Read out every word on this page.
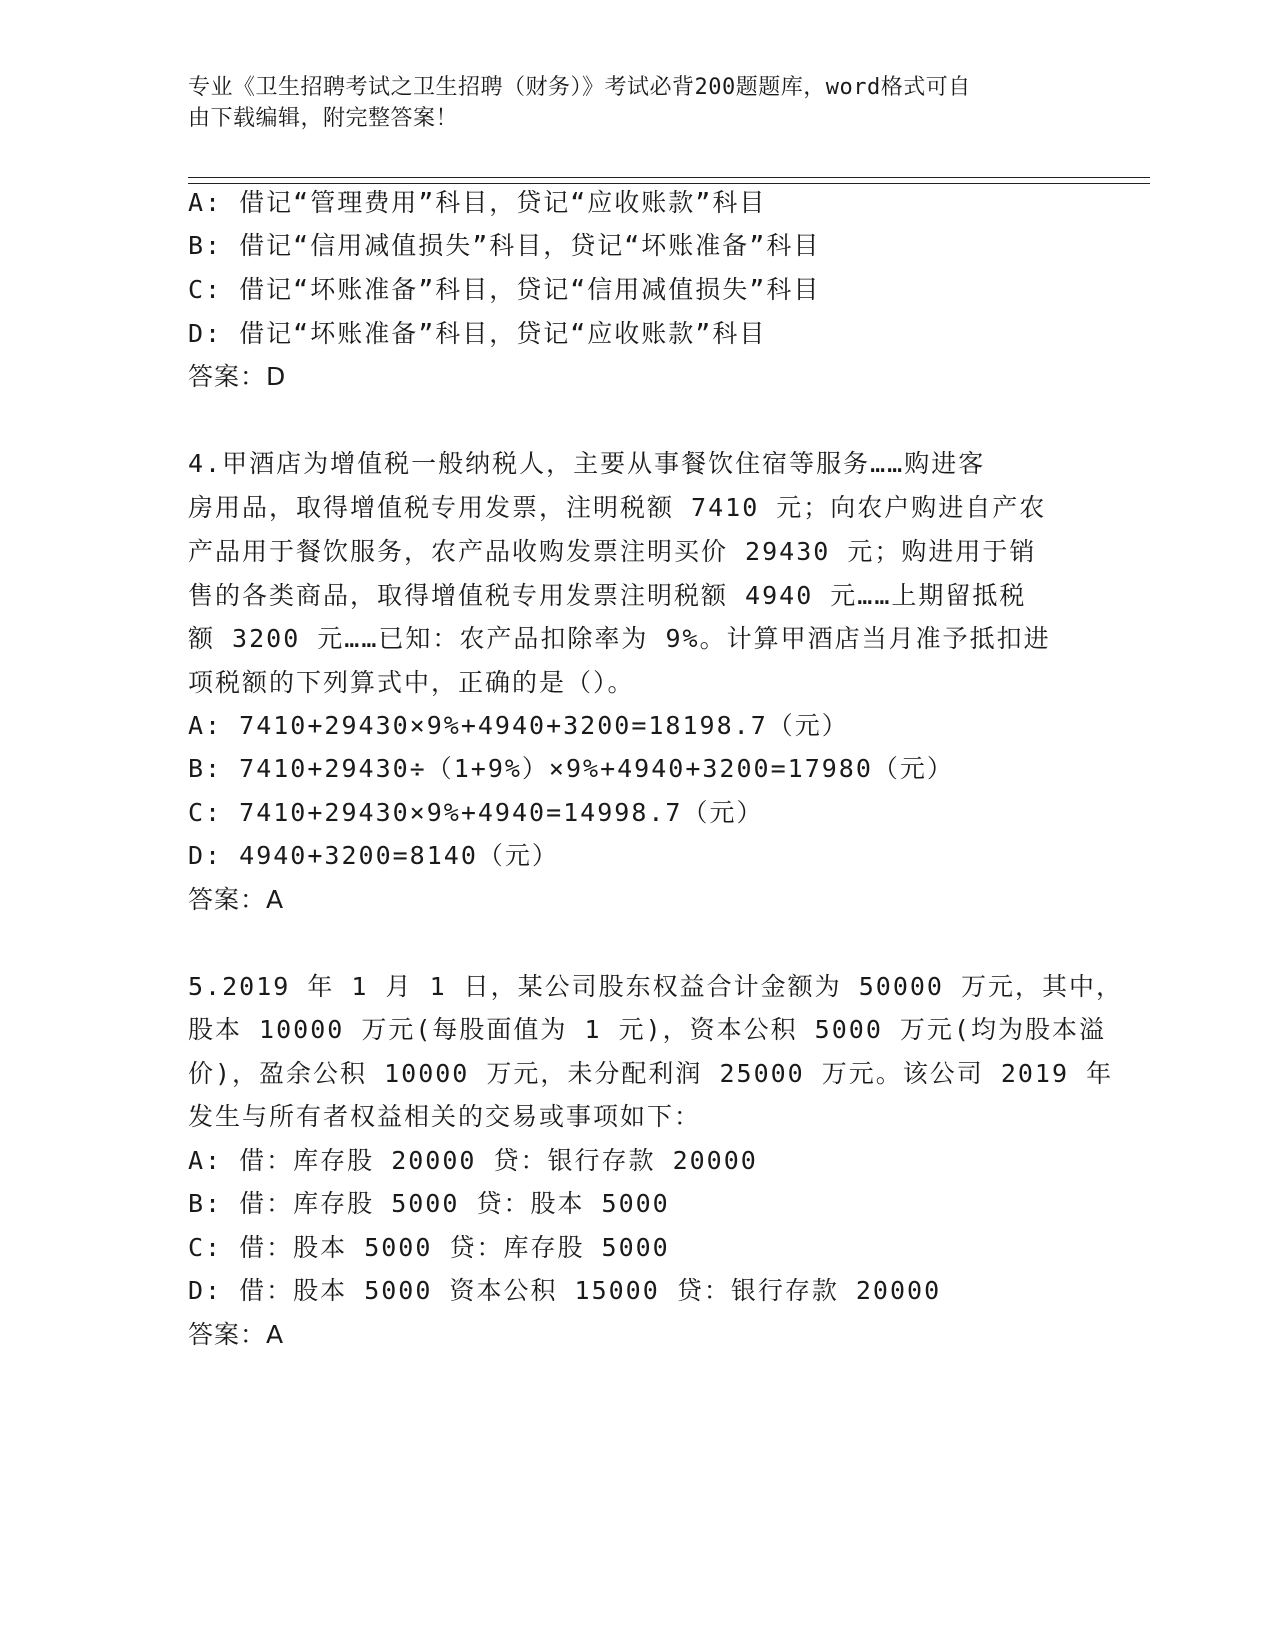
专业《卫生招聘考试之卫生招聘（财务）》考试必背200题题库，word格式可自
由下载编辑，附完整答案！
A: 借记“管理费用”科目，贷记“应收账款”科目
B: 借记“信用减值损失”科目，贷记“坏账准备”科目
C: 借记“坏账准备”科目，贷记“信用减值损失”科目
D: 借记“坏账准备”科目，贷记“应收账款”科目
答案：D
4.甲酒店为增值税一般纳税人，主要从事餐饮住宿等服务……购进客
房用品，取得增值税专用发票，注明税额 7410 元；向农户购进自产农
产品用于餐饮服务，农产品收购发票注明买价 29430 元；购进用于销
售的各类商品，取得增值税专用发票注明税额 4940 元……上期留抵税
额 3200 元……已知：农产品扣除率为 9%。计算甲酒店当月准予抵扣进
项税额的下列算式中，正确的是（）。
A: 7410+29430×9%+4940+3200=18198.7（元）
B: 7410+29430÷（1+9%）×9%+4940+3200=17980（元）
C: 7410+29430×9%+4940=14998.7（元）
D: 4940+3200=8140（元）
答案：A
5.2019 年 1 月 1 日，某公司股东权益合计金额为 50000 万元，其中，
股本 10000 万元(每股面值为 1 元)，资本公积 5000 万元(均为股本溢
价)，盈余公积 10000 万元，未分配利润 25000 万元。该公司 2019 年
发生与所有者权益相关的交易或事项如下：
A: 借：库存股 20000 贷：银行存款 20000
B: 借：库存股 5000 贷：股本 5000
C: 借：股本 5000 贷：库存股 5000
D: 借：股本 5000 资本公积 15000 贷：银行存款 20000
答案：A
